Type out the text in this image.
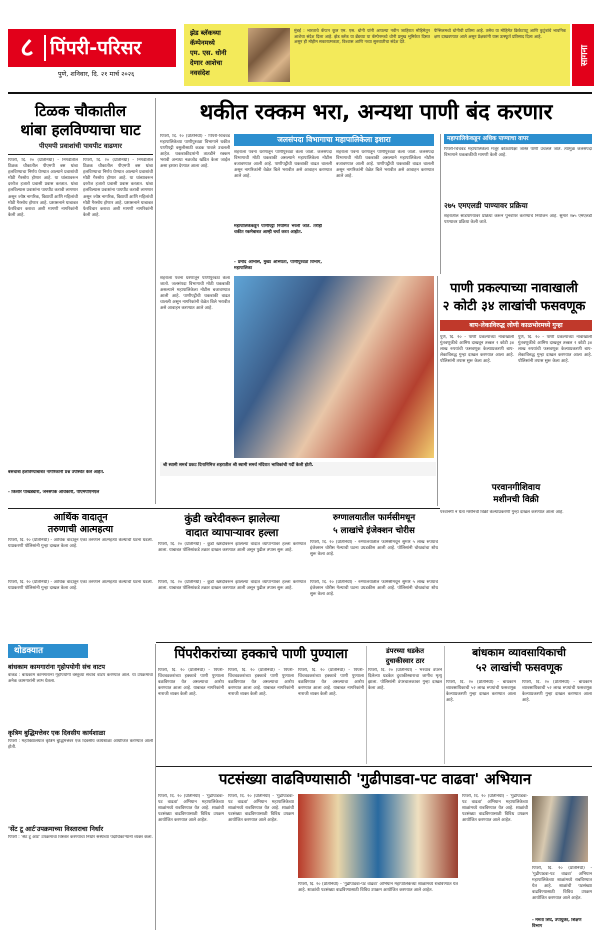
८ पिंपरी-परिसर
पुणे, शनिवार, दि. २१ मार्च २०२६
झेड ब्लॅकच्या
कॅम्पेनमध्ये
एम. एस. धोनी
देणार आशेचा
नवसंदेश
मुंबई : भारताचे कॅप्टन कूल एम. एस. धोनी यांनी आपल्या नवीन जाहिरात मोहिमेतून आशेचा संदेश दिला आहे. झेड ब्लॅक या ब्रँडच्या या कॅम्पेनमध्ये धोनी प्रमुख भूमिकेत दिसत असून ही मोहीम सकारात्मकता, विश्वास आणि नव्या सुरुवातीचा संदेश देते.
पेन्सिलमध्ये धोनीची प्रतिमा आहे. तसेच या मोहिमेत क्रिकेटपटू आणि कुटुंबांचे भावनिक क्षण दाखवण्यात आले असून प्रेक्षकांनी यास उत्स्फूर्त प्रतिसाद दिला आहे.
सागना
टिळक चौकातील
थांबा हलविण्याचा घाट
पीएमपी प्रवाशांची पायपीट वाढणार
पिंपरी, दि. २० (प्रतिनिधी) - निगडीतील टिळक चौकातील पीएमपी बस थांबा हलविण्याचा निर्णय घेण्यात आल्याने प्रवाशांची मोठी गैरसोय होणार आहे. या थांब्यावरून दररोज हजारो प्रवासी प्रवास करतात. थांबा हलविल्यास प्रवाशांना पायपीट करावी लागणार असून ज्येष्ठ नागरिक, विद्यार्थी आणि महिलांची मोठी गैरसोय होणार आहे. प्रशासनाने याबाबत फेरविचार करावा अशी मागणी नागरिकांनी केली आहे.
पिंपरी, दि. २० (प्रतिनिधी) - निगडीतील टिळक चौकातील पीएमपी बस थांबा हलविण्याचा निर्णय घेण्यात आल्याने प्रवाशांची मोठी गैरसोय होणार आहे. या थांब्यावरून दररोज हजारो प्रवासी प्रवास करतात. थांबा हलविल्यास प्रवाशांना पायपीट करावी लागणार असून ज्येष्ठ नागरिक, विद्यार्थी आणि महिलांची मोठी गैरसोय होणार आहे. प्रशासनाने याबाबत फेरविचार करावा अशी मागणी नागरिकांनी केली आहे.
बसथांबा हलविण्याबाबत नागरिकांनी प्रश्न उपस्थित केले आहेत.
- किशोर पाखड्यारा, जनसंपर्क अधिकारी, पीएमपीएमएल
थकीत रक्कम भरा, अन्यथा पाणी बंद करणार
पिंपरी, दि. २० (प्रतिनिधी) - पिंपरी-चिंचवड महापालिकेच्या पाणीपुरवठा विभागाने थकीत पाणीपट्टी वसुलीसाठी कडक पावले उचलली आहेत. थकबाकीदारांनी तातडीने रक्कम भरावी अन्यथा नळजोड खंडित केला जाईल असा इशारा देण्यात आला आहे.
जलसंपदा विभागाचा महापालिकेला इशारा
शहराला पवना धरणातून पाणीपुरवठा केला जातो. जलसंपदा विभागाची मोठी थकबाकी असल्याने महापालिकेला नोटीस बजावण्यात आली आहे. पाणीपट्टीची थकबाकी वाढत चालली असून नागरिकांनी वेळेत बिले भरावीत असे आवाहन करण्यात आले आहे.
शहराला पवना धरणातून पाणीपुरवठा केला जातो. जलसंपदा विभागाची मोठी थकबाकी असल्याने महापालिकेला नोटीस बजावण्यात आली आहे. पाणीपट्टीची थकबाकी वाढत चालली असून नागरिकांनी वेळेत बिले भरावीत असे आवाहन करण्यात आले आहे.
महापालिकेकडून पाणीपट्टी नियमित भरली जाते. तरीही थकीत रकमेबाबत आम्ही चर्चा करत आहोत.
- प्रमोद ओंभासे, मुख्य अभियंता, पाणीपुरवठा विभाग, महापालिका
महापालिकेकडून अधिक पाण्याचा वापर
पिंपरी-चिंचवड महापालिकेला मंजूर कोट्यापेक्षा जास्त पाणी उचलले जाते. त्यामुळे जलसंपदा विभागाने थकबाकीची मागणी केली आहे.
२७५ एमएलडी पाण्यावर प्रक्रिया
शहरातील सांडपाण्यावर प्रक्रिया करून पुनर्वापर करण्याचे नियोजन आहे. सुमारे २७५ एमएलडी पाण्यावर प्रक्रिया केली जाते.
श्री स्वामी समर्थ प्रकट दिनानिमित्त शहरातील श्री स्वामी समर्थ मंदिरात भाविकांची गर्दी केली होती.
शहराला पवना धरणातून पाणीपुरवठा केला जातो. जलसंपदा विभागाची मोठी थकबाकी असल्याने महापालिकेला नोटीस बजावण्यात आली आहे. पाणीपट्टीची थकबाकी वाढत चालली असून नागरिकांनी वेळेत बिले भरावीत असे आवाहन करण्यात आले आहे.
पाणी प्रकल्पाच्या नावाखाली
२ कोटी ३४ लाखांची फसवणूक
बाप-लेकाविरुद्ध लोणी काळभोरमध्ये गुन्हा
पुणे, दि. २० - पाणी प्रकल्पाच्या नावाखाली गुंतवणुकीचे आमिष दाखवून तब्बल २ कोटी ३४ लाख रुपयांची फसवणूक केल्याप्रकरणी बाप-लेकाविरुद्ध गुन्हा दाखल करण्यात आला आहे. पोलिसांनी तपास सुरू केला आहे.
पुणे, दि. २० - पाणी प्रकल्पाच्या नावाखाली गुंतवणुकीचे आमिष दाखवून तब्बल २ कोटी ३४ लाख रुपयांची फसवणूक केल्याप्रकरणी बाप-लेकाविरुद्ध गुन्हा दाखल करण्यात आला आहे. पोलिसांनी तपास सुरू केला आहे.
परवानगीशिवाय
मशीनची विक्री
परवानगी न घेता मशीनची विक्री केल्याप्रकरणी गुन्हा दाखल करण्यात आला आहे.
आर्थिक वादातून
तरुणाची आत्महत्या
पिंपरी, दि. २० (प्रतिनिधी) - आर्थिक वादातून एका तरुणाने आत्महत्या केल्याची घटना घडली. याप्रकरणी पोलिसांनी गुन्हा दाखल केला आहे.
कुंडी खरेदीवरून झालेल्या
वादात व्यापाऱ्यावर हल्ला
पिंपरी, दि. २० (प्रतिनिधी) - कुंडी खरेदीवरून झालेल्या वादात व्यापाऱ्यावर हल्ला करण्यात आला. याबाबत पोलिसांकडे तक्रार दाखल करण्यात आली असून पुढील तपास सुरू आहे.
रुग्णालयातील फार्मसीमधून
५ लाखांचे इंजेक्शन चोरीस
पिंपरी, दि. २० (प्रतिनिधी) - रुग्णालयातील फार्मसीमधून सुमारे ५ लाख रुपयांचे इंजेक्शन चोरीस गेल्याची घटना उघडकीस आली आहे. पोलिसांनी चोरट्यांचा शोध सुरू केला आहे.
पिंपरी, दि. २० (प्रतिनिधी) - आर्थिक वादातून एका तरुणाने आत्महत्या केल्याची घटना घडली. याप्रकरणी पोलिसांनी गुन्हा दाखल केला आहे.
पिंपरी, दि. २० (प्रतिनिधी) - कुंडी खरेदीवरून झालेल्या वादात व्यापाऱ्यावर हल्ला करण्यात आला. याबाबत पोलिसांकडे तक्रार दाखल करण्यात आली असून पुढील तपास सुरू आहे.
पिंपरी, दि. २० (प्रतिनिधी) - रुग्णालयातील फार्मसीमधून सुमारे ५ लाख रुपयांचे इंजेक्शन चोरीस गेल्याची घटना उघडकीस आली आहे. पोलिसांनी चोरट्यांचा शोध सुरू केला आहे.
थोडक्यात
बांधकाम कामगारांना गृहोपयोगी संच वाटप
वाकड : बांधकाम कामगारांना गृहोपयोगी वस्तूंच्या संचाचे वाटप करण्यात आले. या उपक्रमाचा अनेक कामगारांनी लाभ घेतला.
कृत्रिम बुद्धिमत्तेवर एक दिवसीय कार्यशाळा
पिंपरी : महाविद्यालयात कृत्रिम बुद्धिमत्तेवर एक दिवसीय कार्यशाळा आयोजित करण्यात आली होती.
'सेंट टू आर्ट'उपक्रमाच्या विस्ताराचा निर्धार
पिंपरी : 'सेंट टू आर्ट' उपक्रमाचा विस्तार करण्याचा निर्धार संस्थेच्या पदाधिकाऱ्यांनी व्यक्त केला.
पिंपरीकरांच्या हक्काचे पाणी पुण्याला
पिंपरी, दि. २० (प्रतिनिधी) - पिंपरी-चिंचवडकरांच्या हक्काचे पाणी पुण्याला वळविण्यात येत असल्याचा आरोप करण्यात आला आहे. याबाबत नागरिकांनी नाराजी व्यक्त केली आहे.
पिंपरी, दि. २० (प्रतिनिधी) - पिंपरी-चिंचवडकरांच्या हक्काचे पाणी पुण्याला वळविण्यात येत असल्याचा आरोप करण्यात आला आहे. याबाबत नागरिकांनी नाराजी व्यक्त केली आहे.
पिंपरी, दि. २० (प्रतिनिधी) - पिंपरी-चिंचवडकरांच्या हक्काचे पाणी पुण्याला वळविण्यात येत असल्याचा आरोप करण्यात आला आहे. याबाबत नागरिकांनी नाराजी व्यक्त केली आहे.
डंपरच्या धडकेत
दुचाकीस्वार ठार
पिंपरी, दि. २० (प्रतिनिधी) - भरधाव डंपरने दिलेल्या धडकेत दुचाकीस्वाराचा जागीच मृत्यू झाला. पोलिसांनी डंपरचालकावर गुन्हा दाखल केला आहे.
बांधकाम व्यावसायिकाची
५२ लाखांची फसवणूक
पिंपरी, दि. २० (प्रतिनिधी) - बांधकाम व्यावसायिकाची ५२ लाख रुपयांची फसवणूक केल्याप्रकरणी गुन्हा दाखल करण्यात आला आहे.
पिंपरी, दि. २० (प्रतिनिधी) - बांधकाम व्यावसायिकाची ५२ लाख रुपयांची फसवणूक केल्याप्रकरणी गुन्हा दाखल करण्यात आला आहे.
पटसंख्या वाढविण्यासाठी 'गुढीपाडवा-पट वाढवा' अभियान
पिंपरी, दि. २० (प्रतिनिधी) - 'गुढीपाडवा-पट वाढवा' अभियान महापालिकेच्या शाळांमध्ये राबविण्यात येत आहे. शाळांची पटसंख्या वाढविण्यासाठी विविध उपक्रम आयोजित करण्यात आले आहेत.
पिंपरी, दि. २० (प्रतिनिधी) - 'गुढीपाडवा-पट वाढवा' अभियान महापालिकेच्या शाळांमध्ये राबविण्यात येत आहे. शाळांची पटसंख्या वाढविण्यासाठी विविध उपक्रम आयोजित करण्यात आले आहेत.
पिंपरी, दि. २० (प्रतिनिधी) - 'गुढीपाडवा-पट वाढवा' अभियान महापालिकेच्या शाळांमध्ये राबविण्यात येत आहे. शाळांची पटसंख्या वाढविण्यासाठी विविध उपक्रम आयोजित करण्यात आले आहेत.
पिंपरी, दि. २० (प्रतिनिधी) - 'गुढीपाडवा-पट वाढवा' अभियान महापालिकेच्या शाळांमध्ये राबविण्यात येत आहे. शाळांची पटसंख्या वाढविण्यासाठी विविध उपक्रम आयोजित करण्यात आले आहेत.
पिंपरी, दि. २० (प्रतिनिधी) - 'गुढीपाडवा-पट वाढवा' अभियान महापालिकेच्या शाळांमध्ये राबविण्यात येत आहे. शाळांची पटसंख्या वाढविण्यासाठी विविध उपक्रम आयोजित करण्यात आले आहेत.
- ममता शिंदे, उपायुक्त, शिक्षण विभाग
